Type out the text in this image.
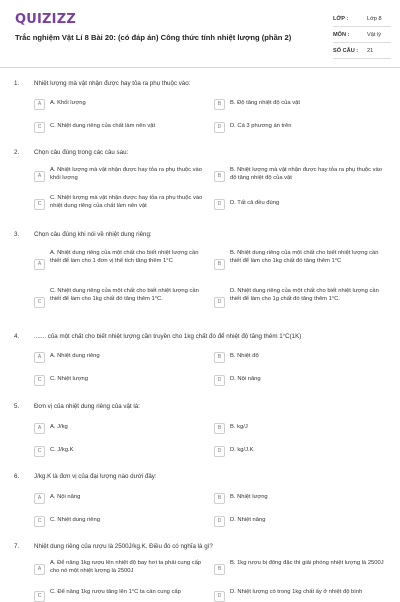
QUIZIZZ
Trắc nghiệm Vật Lí 8 Bài 20: (có đáp án) Công thức tính nhiệt lượng (phần 2)
LỚP :	Lớp 8
MÔN :	Vật lý
SỐ CÂU : 21
1. Nhiệt lượng mà vật nhận được hay tỏa ra phụ thuộc vào:
A	A. Khối lượng	B	B. Độ tăng nhiệt độ của vật
C	C. Nhiệt dung riêng của chất làm nên vật	D	D. Cả 3 phương án trên
2. Chọn câu đúng trong các câu sau:
A
A. Nhiệt lượng mà vật nhận được hay tỏa ra phụ thuộc vào khối lượng	B
B. Nhiệt lượng mà vật nhận được hay tỏa ra phụ thuộc vào độ tăng nhiệt độ của vật
C
C. Nhiệt lượng mà vật nhận được hay tỏa ra phụ thuộc vào nhiệt dung riêng của chất làm nên vật	D	D. Tất cả đều đúng
3. Chọn câu đúng khi nói về nhiệt dung riêng:
A
A. Nhiệt dung riêng của một chất cho biết nhiệt lượng cần thiết để làm cho 1 đơn vị thể tích tăng thêm 1°C
B
B. Nhiệt dung riêng của một chất cho biết nhiệt lượng cần thiết để làm cho 1kg chất đó tăng thêm 1°C
C
C. Nhiệt dung riêng của một chất cho biết nhiệt lượng cần thiết để làm cho 1kg chất đó tăng thêm 1°C.
D
D. Nhiệt dung riêng của một chất cho biết nhiệt lượng cần thiết để làm cho 1g chất đó tăng thêm 1°C.
4. ....... của một chất cho biết nhiệt lượng cần truyền cho 1kg chất đó để nhiệt độ tăng thêm 1°C(1K)
A	A. Nhiệt dung riêng	B	B. Nhiệt độ
C	C. Nhiệt lượng	D	D. Nội năng
5. Đơn vị của nhiệt dung riêng của vật là:
A	A. J/kg	B	B. kg/J
C	C. J/kg.K	D	D. kg/J.K
6. J/kg.K là đơn vị của đại lượng nào dưới đây:
A	A. Nội năng	B	B. Nhiệt lượng
C	C. Nhiệt dung riêng	D	D. Nhiệt năng
7. Nhiệt dung riêng của rượu là 2500J/kg.K. Điều đó có nghĩa là gì?
A
A. Để nâng 1kg rượu lên nhiệt độ bay hơi ta phải cung cấp cho nó một nhiệt lượng là 2500J	B
B. 1kg rượu bị đông đặc thì giải phóng nhiệt lượng là 2500J
C
C. Để nâng 1kg rượu tăng lên 1°C ta cần cung cấp
D
D. Nhiệt lượng có trong 1kg chất ấy ở nhiệt độ bình
